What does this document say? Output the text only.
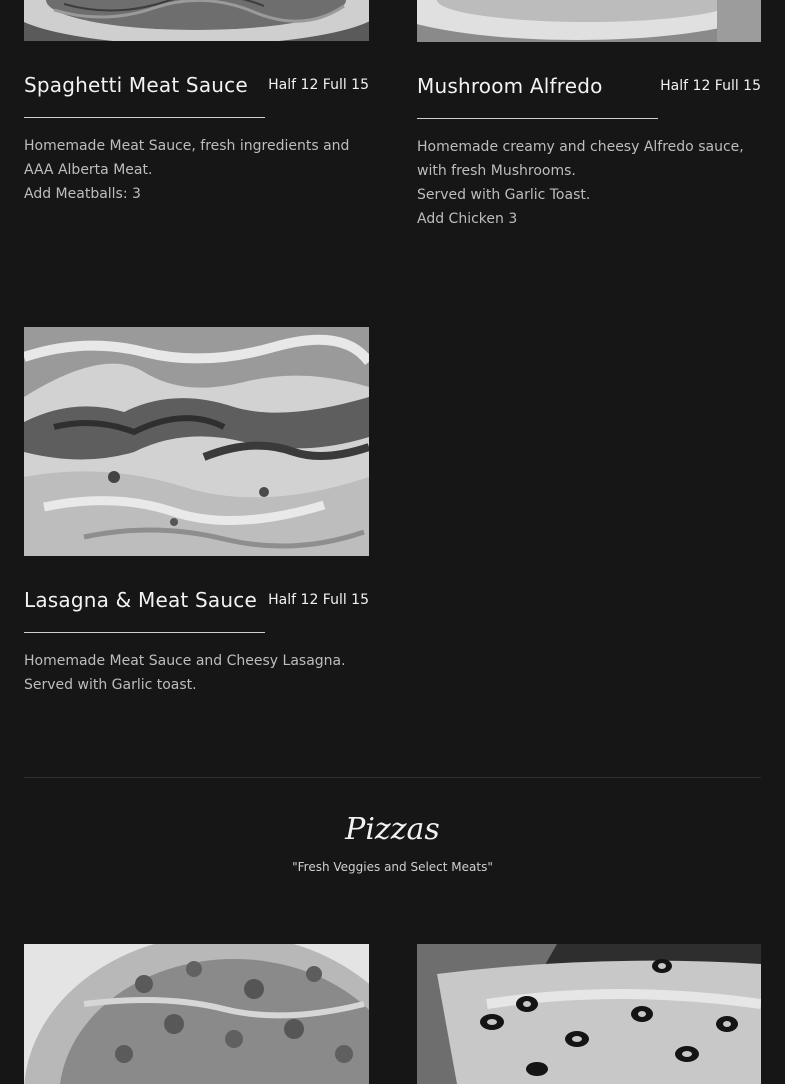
Spaghetti Meat Sauce Half 12 Full 15
Homemade Meat Sauce, fresh ingredients and
AAA Alberta Meat.
Add Meatballs: 3
Mushroom Alfredo	Half 12 Full 15
Homemade creamy and cheesy Alfredo sauce,
with fresh Mushrooms.
Served with Garlic Toast.
Add Chicken 3
Lasagna & Meat Sauce Half 12 Full 15
Homemade Meat Sauce and Cheesy Lasagna.
Served with Garlic toast.
Pizzas
"Fresh Veggies and Select Meats"
